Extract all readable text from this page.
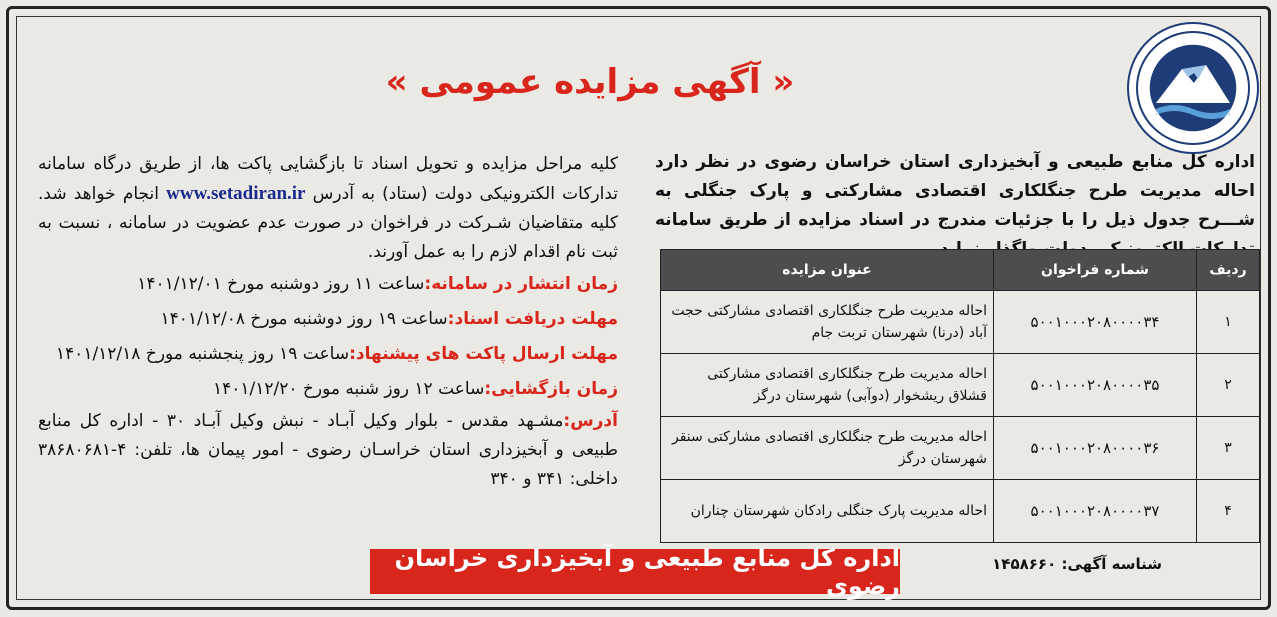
« آگهی مزایده عمومی »
اداره کل منابع طبیعی و آبخیزداری استان خراسان رضوی در نظر دارد احاله مدیریت طرح جنگلکاری اقتصادی مشارکتی و پارک جنگلی به شـــرح جدول ذیل را با جزئیات مندرج در اسناد مزایده از طریق سامانه
ردیف	شماره فراخوان	عنوان مزایده
۱	۵۰۰۱۰۰۰۲۰۸۰۰۰۰۳۴	احاله مدیریت طرح جنگلکاری اقتصادی مشارکتی حجت آباد (درنا) شهرستان تربت جام
۲	۵۰۰۱۰۰۰۲۰۸۰۰۰۰۳۵	احاله مدیریت طرح جنگلکاری اقتصادی مشارکتی قشلاق ریشخوار (دوآبی) شهرستان درگز
۳	۵۰۰۱۰۰۰۲۰۸۰۰۰۰۳۶	احاله مدیریت طرح جنگلکاری اقتصادی مشارکتی سنقر شهرستان درگز
۴	۵۰۰۱۰۰۰۲۰۸۰۰۰۰۳۷	احاله مدیریت پارک جنگلی رادکان شهرستان چناران
کلیه مراحل مزایده و تحویل اسناد تا بازگشایی پاکت ها، از طریق درگاه سامانه تدارکات الکترونیکی دولت (ستاد) به آدرس www.setadiran.ir انجام خواهد شد. کلیه متقاضیان شـرکت در فراخوان در صورت عدم عضویت در سامانه ، نسبت به ثبت نام اقدام لازم را به عمل آورند.
زمان انتشار در سامانه:ساعت ۱۱ روز دوشنبه مورخ ۱۴۰۱/۱۲/۰۱
مهلت دریافت اسناد:ساعت ۱۹ روز دوشنبه مورخ ۱۴۰۱/۱۲/۰۸
مهلت ارسال پاکت های پیشنهاد:ساعت ۱۹ روز پنجشنبه مورخ ۱۴۰۱/۱۲/۱۸
زمان بازگشایی:ساعت ۱۲ روز شنبه مورخ ۱۴۰۱/۱۲/۲۰
آدرس:مشـهد مقدس - بلوار وکیل آبـاد - نبش وکیل آبـاد ۳۰ - اداره کل منابع طبیعی و آبخیزداری استان خراسـان رضوی - امور پیمان ها، تلفن: ۴-۳۸۶۸۰۶۸۱ داخلی: ۳۴۱ و ۳۴۰
شناسه آگهی: ۱۴۵۸۶۶۰
اداره کل منابع طبیعی و آبخیزداری خراسان رضوی
